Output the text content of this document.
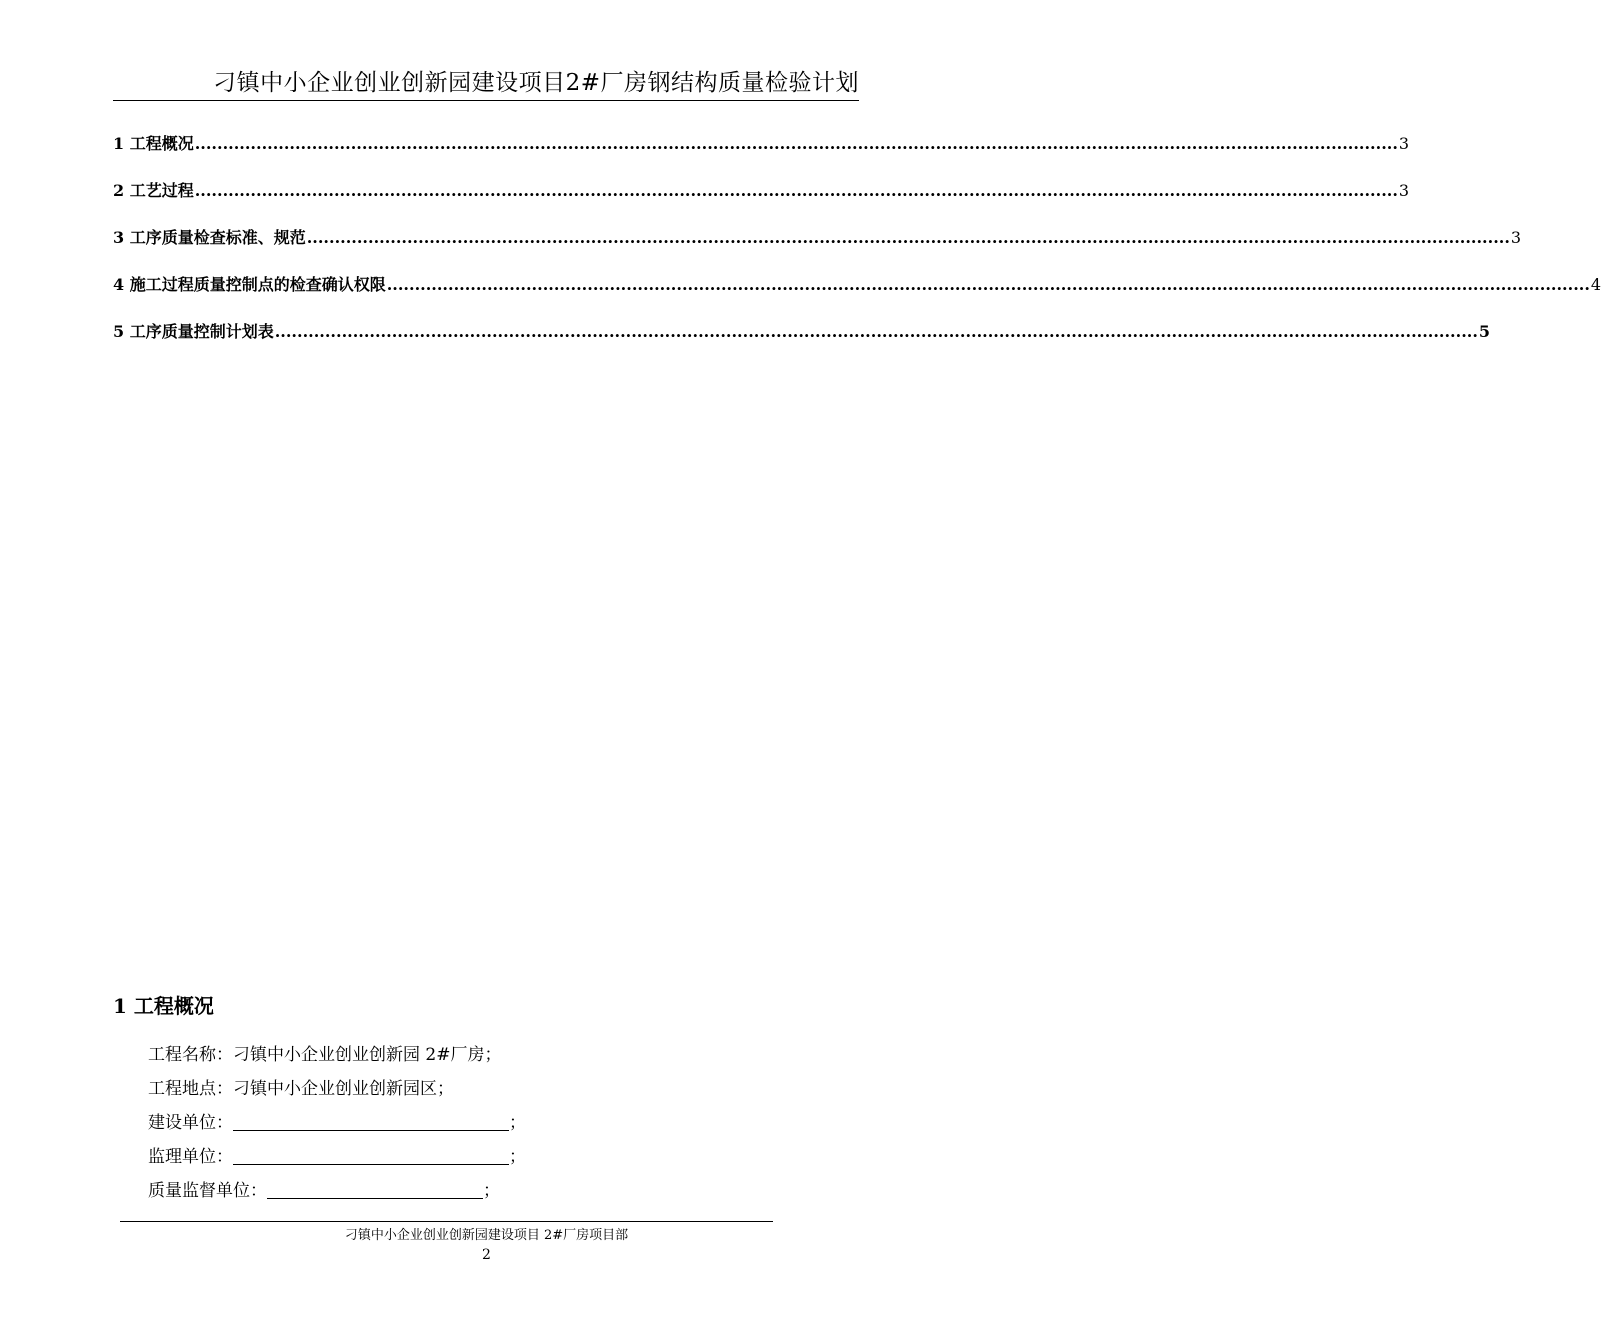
刁镇中小企业创业创新园建设项目2#厂房钢结构质量检验计划
1 工程概况 ........................................................................................................................................................................................................................ 3
2 工艺过程 ........................................................................................................................................................................................................................ 3
3 工序质量检查标准、规范 ........................................................................................................................................................................................................................ 3
4 施工过程质量控制点的检查确认权限 ........................................................................................................................................................................................................................ 4
5 工序质量控制计划表 ........................................................................................................................................................................................................................ 5
1 工程概况
工程名称：刁镇中小企业创业创新园 2#厂房；
工程地点：刁镇中小企业创业创新园区；
建设单位：	；
监理单位：	；
质量监督单位：	；
刁镇中小企业创业创新园建设项目 2#厂房项目部
2
